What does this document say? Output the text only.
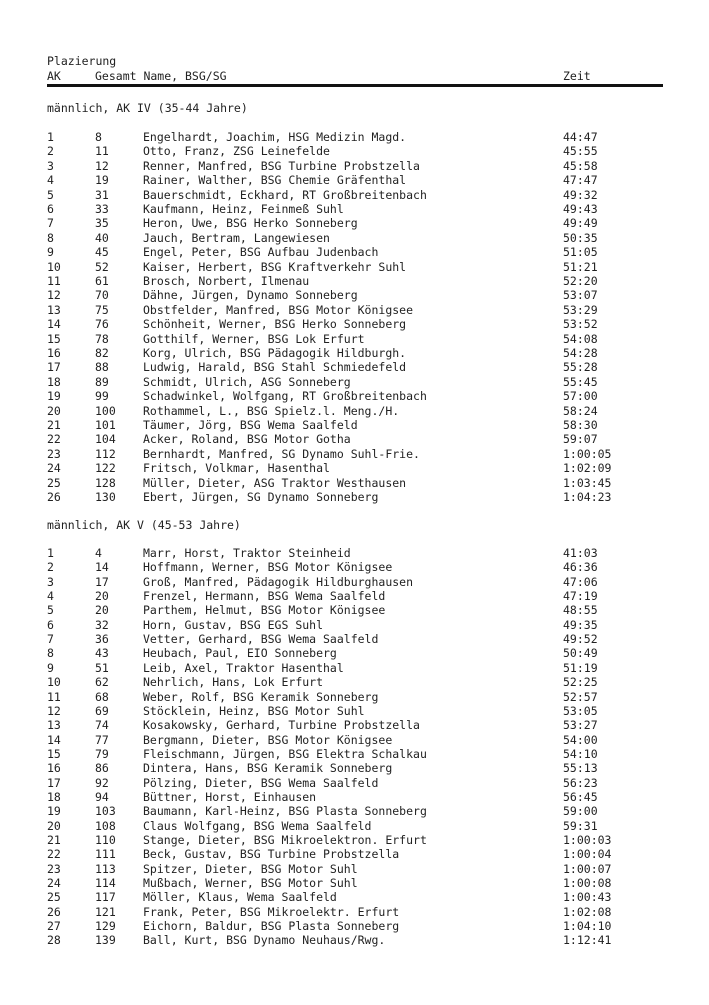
Plazierung
AK	Gesamt Name, BSG/SG	Zeit
männlich, AK IV (35-44 Jahre)
1	8	Engelhardt, Joachim, HSG Medizin Magd.	44:47
2	11	Otto, Franz, ZSG Leinefelde	45:55
3	12	Renner, Manfred, BSG Turbine Probstzella	45:58
4	19	Rainer, Walther, BSG Chemie Gräfenthal	47:47
5	31	Bauerschmidt, Eckhard, RT Großbreitenbach	49:32
6	33	Kaufmann, Heinz, Feinmeß Suhl	49:43
7	35	Heron, Uwe, BSG Herko Sonneberg	49:49
8	40	Jauch, Bertram, Langewiesen	50:35
9	45	Engel, Peter, BSG Aufbau Judenbach	51:05
10	52	Kaiser, Herbert, BSG Kraftverkehr Suhl	51:21
11	61	Brosch, Norbert, Ilmenau	52:20
12	70	Dähne, Jürgen, Dynamo Sonneberg	53:07
13	75	Obstfelder, Manfred, BSG Motor Königsee	53:29
14	76	Schönheit, Werner, BSG Herko Sonneberg	53:52
15	78	Gotthilf, Werner, BSG Lok Erfurt	54:08
16	82	Korg, Ulrich, BSG Pädagogik Hildburgh.	54:28
17	88	Ludwig, Harald, BSG Stahl Schmiedefeld	55:28
18	89	Schmidt, Ulrich, ASG Sonneberg	55:45
19	99	Schadwinkel, Wolfgang, RT Großbreitenbach	57:00
20	100 Rothammel, L., BSG Spielz.l. Meng./H.	58:24
21	101 Täumer, Jörg, BSG Wema Saalfeld	58:30
22	104 Acker, Roland, BSG Motor Gotha	59:07
23	112 Bernhardt, Manfred, SG Dynamo Suhl-Frie.	1:00:05
24	122 Fritsch, Volkmar, Hasenthal	1:02:09
25	128 Müller, Dieter, ASG Traktor Westhausen	1:03:45
26	130 Ebert, Jürgen, SG Dynamo Sonneberg	1:04:23
männlich, AK V (45-53 Jahre)
1	4	Marr, Horst, Traktor Steinheid	41:03
2	14	Hoffmann, Werner, BSG Motor Königsee	46:36
3	17	Groß, Manfred, Pädagogik Hildburghausen	47:06
4	20	Frenzel, Hermann, BSG Wema Saalfeld	47:19
5	20	Parthem, Helmut, BSG Motor Königsee	48:55
6	32	Horn, Gustav, BSG EGS Suhl	49:35
7	36	Vetter, Gerhard, BSG Wema Saalfeld	49:52
8	43	Heubach, Paul, EIO Sonneberg	50:49
9	51	Leib, Axel, Traktor Hasenthal	51:19
10	62	Nehrlich, Hans, Lok Erfurt	52:25
11	68	Weber, Rolf, BSG Keramik Sonneberg	52:57
12	69	Stöcklein, Heinz, BSG Motor Suhl	53:05
13	74	Kosakowsky, Gerhard, Turbine Probstzella	53:27
14	77	Bergmann, Dieter, BSG Motor Königsee	54:00
15	79	Fleischmann, Jürgen, BSG Elektra Schalkau	54:10
16	86	Dintera, Hans, BSG Keramik Sonneberg	55:13
17	92	Pölzing, Dieter, BSG Wema Saalfeld	56:23
18	94	Büttner, Horst, Einhausen	56:45
19	103 Baumann, Karl-Heinz, BSG Plasta Sonneberg	59:00
20	108 Claus Wolfgang, BSG Wema Saalfeld	59:31
21	110 Stange, Dieter, BSG Mikroelektron. Erfurt	1:00:03
22	111 Beck, Gustav, BSG Turbine Probstzella	1:00:04
23	113 Spitzer, Dieter, BSG Motor Suhl	1:00:07
24	114 Mußbach, Werner, BSG Motor Suhl	1:00:08
25	117 Möller, Klaus, Wema Saalfeld	1:00:43
26	121 Frank, Peter, BSG Mikroelektr. Erfurt	1:02:08
27	129 Eichorn, Baldur, BSG Plasta Sonneberg	1:04:10
28	139 Ball, Kurt, BSG Dynamo Neuhaus/Rwg.	1:12:41
